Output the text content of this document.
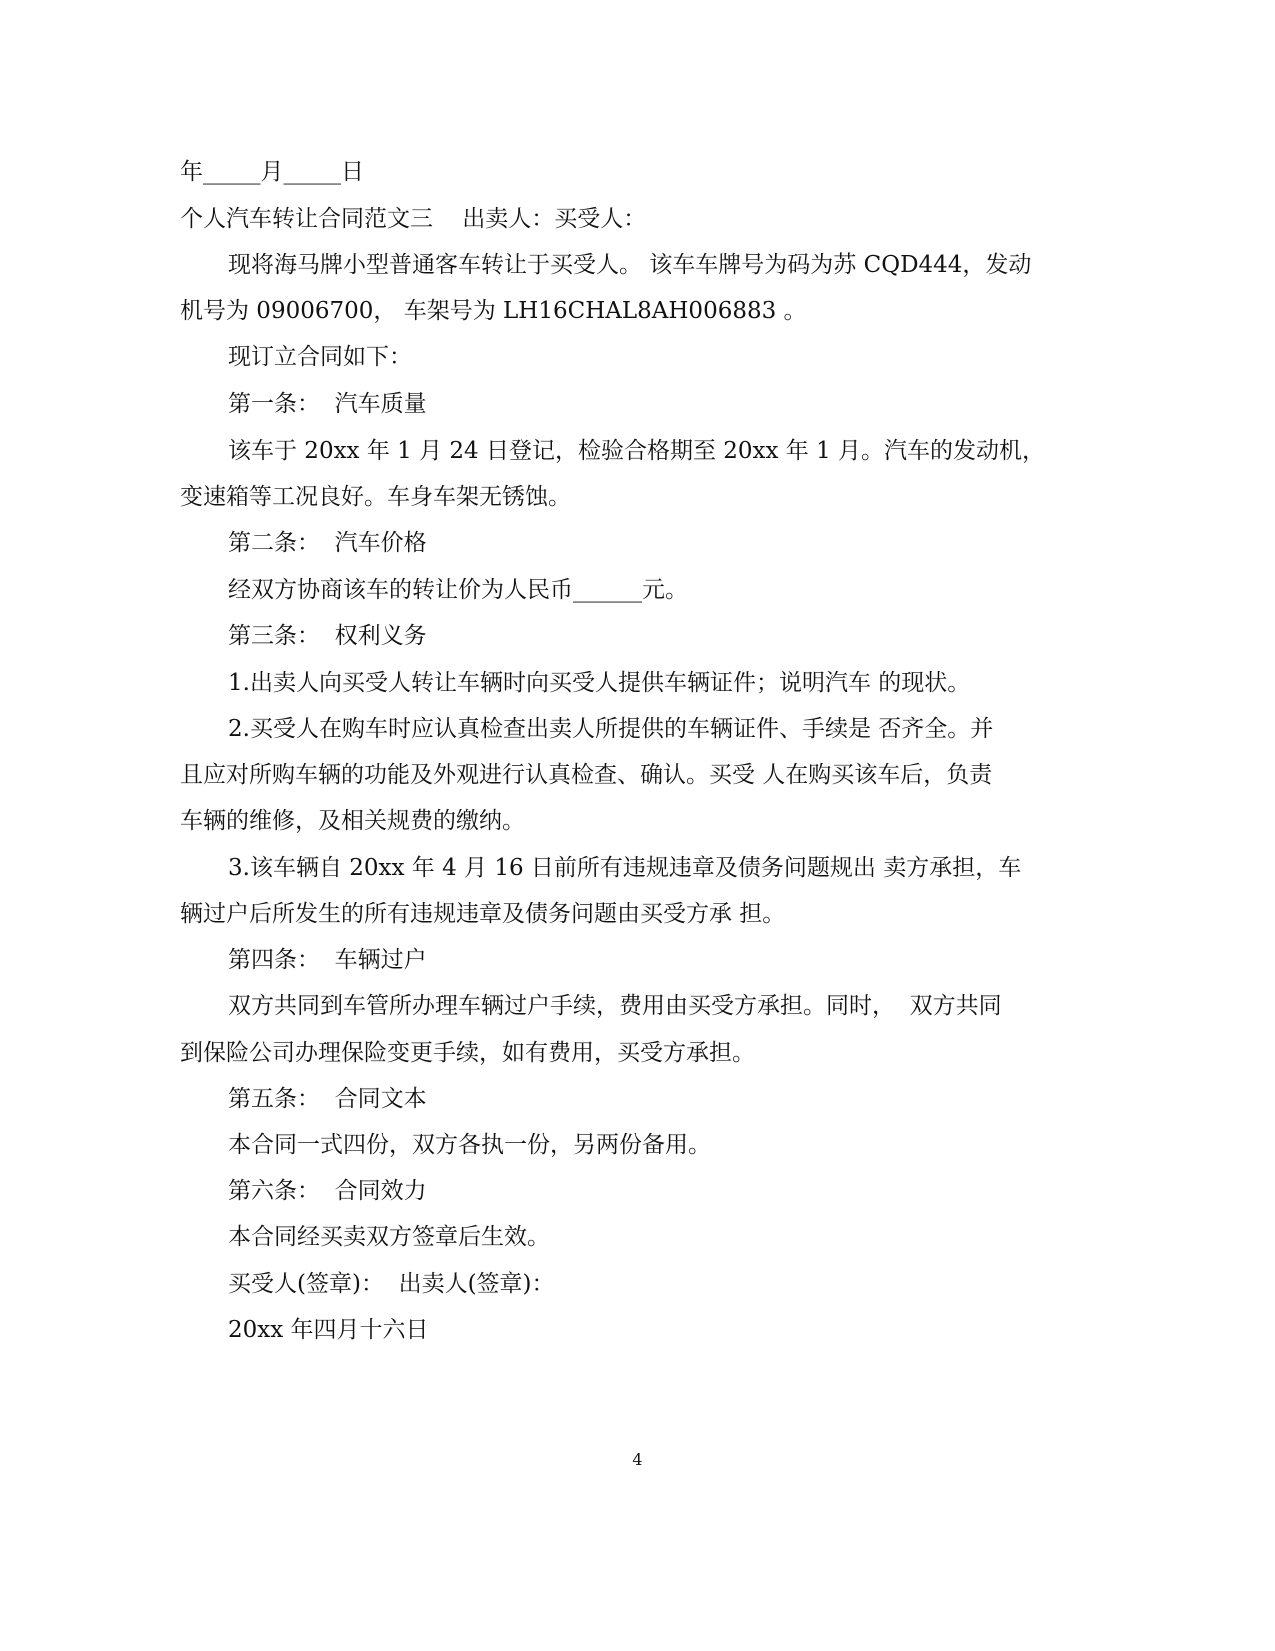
年_____月_____日
个人汽车转让合同范文三    出卖人：买受人：
现将海马牌小型普通客车转让于买受人。 该车车牌号为码为苏 CQD444，发动
机号为 09006700， 车架号为 LH16CHAL8AH006883 。
现订立合同如下：
第一条：  汽车质量
该车于 20xx 年 1 月 24 日登记，检验合格期至 20xx 年 1 月。汽车的发动机，
变速箱等工况良好。车身车架无锈蚀。
第二条：  汽车价格
经双方协商该车的转让价为人民币______元。
第三条：  权利义务
1.出卖人向买受人转让车辆时向买受人提供车辆证件；说明汽车 的现状。
2.买受人在购车时应认真检查出卖人所提供的车辆证件、手续是 否齐全。并
且应对所购车辆的功能及外观进行认真检查、确认。买受 人在购买该车后，负责
车辆的维修，及相关规费的缴纳。
3.该车辆自 20xx 年 4 月 16 日前所有违规违章及债务问题规出 卖方承担，车
辆过户后所发生的所有违规违章及债务问题由买受方承 担。
第四条：  车辆过户
双方共同到车管所办理车辆过户手续，费用由买受方承担。同时，  双方共同
到保险公司办理保险变更手续，如有费用，买受方承担。
第五条：  合同文本
本合同一式四份，双方各执一份，另两份备用。
第六条：  合同效力
本合同经买卖双方签章后生效。
买受人(签章)：  出卖人(签章)：
20xx 年四月十六日
4
